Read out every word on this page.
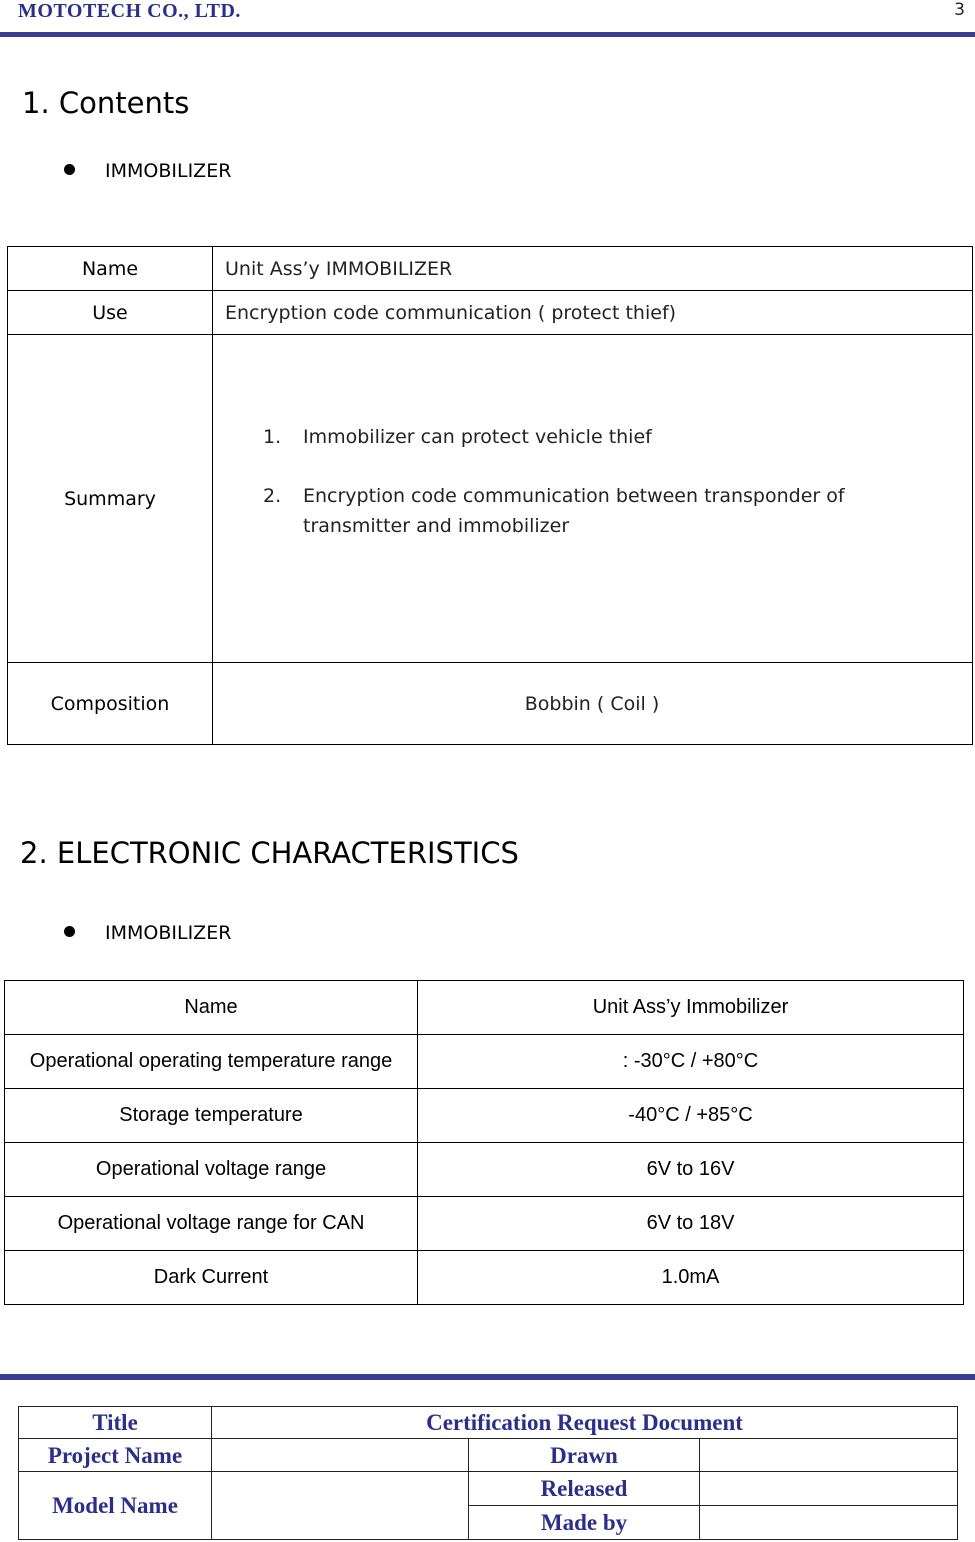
MOTOTECH CO., LTD.	3
1. Contents
IMMOBILIZER
Name	Unit Ass’y IMMOBILIZER
Use	Encryption code communication ( protect thief)
Summary	1. Immobilizer can protect vehicle thief
2. Encryption code communication between transponder of transmitter and immobilizer

Composition	Bobbin ( Coil )
2. ELECTRONIC CHARACTERISTICS
IMMOBILIZER
Name	Unit Ass’y Immobilizer
Operational operating temperature range	: -30°C / +80°C
Storage temperature	-40°C / +85°C
Operational voltage range	6V to 16V
Operational voltage range for CAN	6V to 18V
Dark Current	1.0mA
Title	Certification Request Document		
Project Name		Drawn	
Model Name		Released	
		Made by	
